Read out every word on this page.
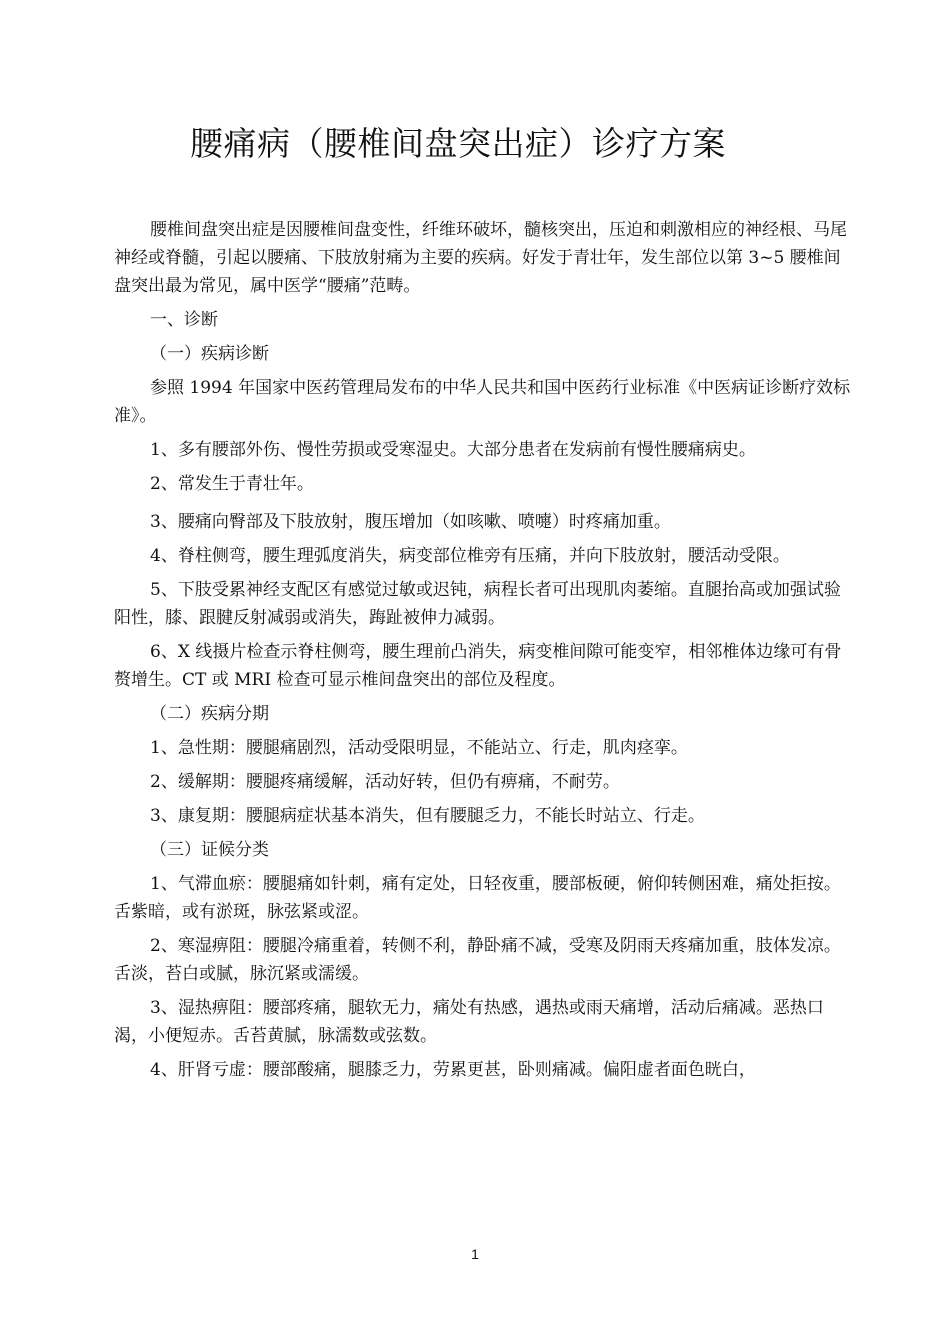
腰痛病（腰椎间盘突出症）诊疗方案

腰椎间盘突出症是因腰椎间盘变性，纤维环破坏，髓核突出，压迫和刺激相应的神经根、马尾神经或脊髓，引起以腰痛、下肢放射痛为主要的疾病。好发于青壮年，发生部位以第 3~5 腰椎间盘突出最为常见，属中医学“腰痛”范畴。

一、诊断

（一）疾病诊断

参照 1994 年国家中医药管理局发布的中华人民共和国中医药行业标准《中医病证诊断疗效标准》。

1、多有腰部外伤、慢性劳损或受寒湿史。大部分患者在发病前有慢性腰痛病史。

2、常发生于青壮年。

3、腰痛向臀部及下肢放射，腹压增加（如咳嗽、喷嚏）时疼痛加重。

4、脊柱侧弯，腰生理弧度消失，病变部位椎旁有压痛，并向下肢放射，腰活动受限。

5、下肢受累神经支配区有感觉过敏或迟钝，病程长者可出现肌肉萎缩。直腿抬高或加强试验阳性，膝、跟腱反射减弱或消失，踇趾被伸力减弱。

6、X 线摄片检查示脊柱侧弯，腰生理前凸消失，病变椎间隙可能变窄，相邻椎体边缘可有骨赘增生。CT 或 MRI 检查可显示椎间盘突出的部位及程度。

（二）疾病分期

1、急性期：腰腿痛剧烈，活动受限明显，不能站立、行走，肌肉痉挛。

2、缓解期：腰腿疼痛缓解，活动好转，但仍有痹痛，不耐劳。

3、康复期：腰腿病症状基本消失，但有腰腿乏力，不能长时站立、行走。

（三）证候分类

1、气滞血瘀：腰腿痛如针刺，痛有定处，日轻夜重，腰部板硬，俯仰转侧困难，痛处拒按。舌紫暗，或有淤斑，脉弦紧或涩。

2、寒湿痹阻：腰腿冷痛重着，转侧不利，静卧痛不减，受寒及阴雨天疼痛加重，肢体发凉。舌淡，苔白或腻，脉沉紧或濡缓。

3、湿热痹阻：腰部疼痛，腿软无力，痛处有热感，遇热或雨天痛增，活动后痛减。恶热口渴，小便短赤。舌苔黄腻，脉濡数或弦数。

4、肝肾亏虚：腰部酸痛，腿膝乏力，劳累更甚，卧则痛减。偏阳虚者面色晄白，

1
